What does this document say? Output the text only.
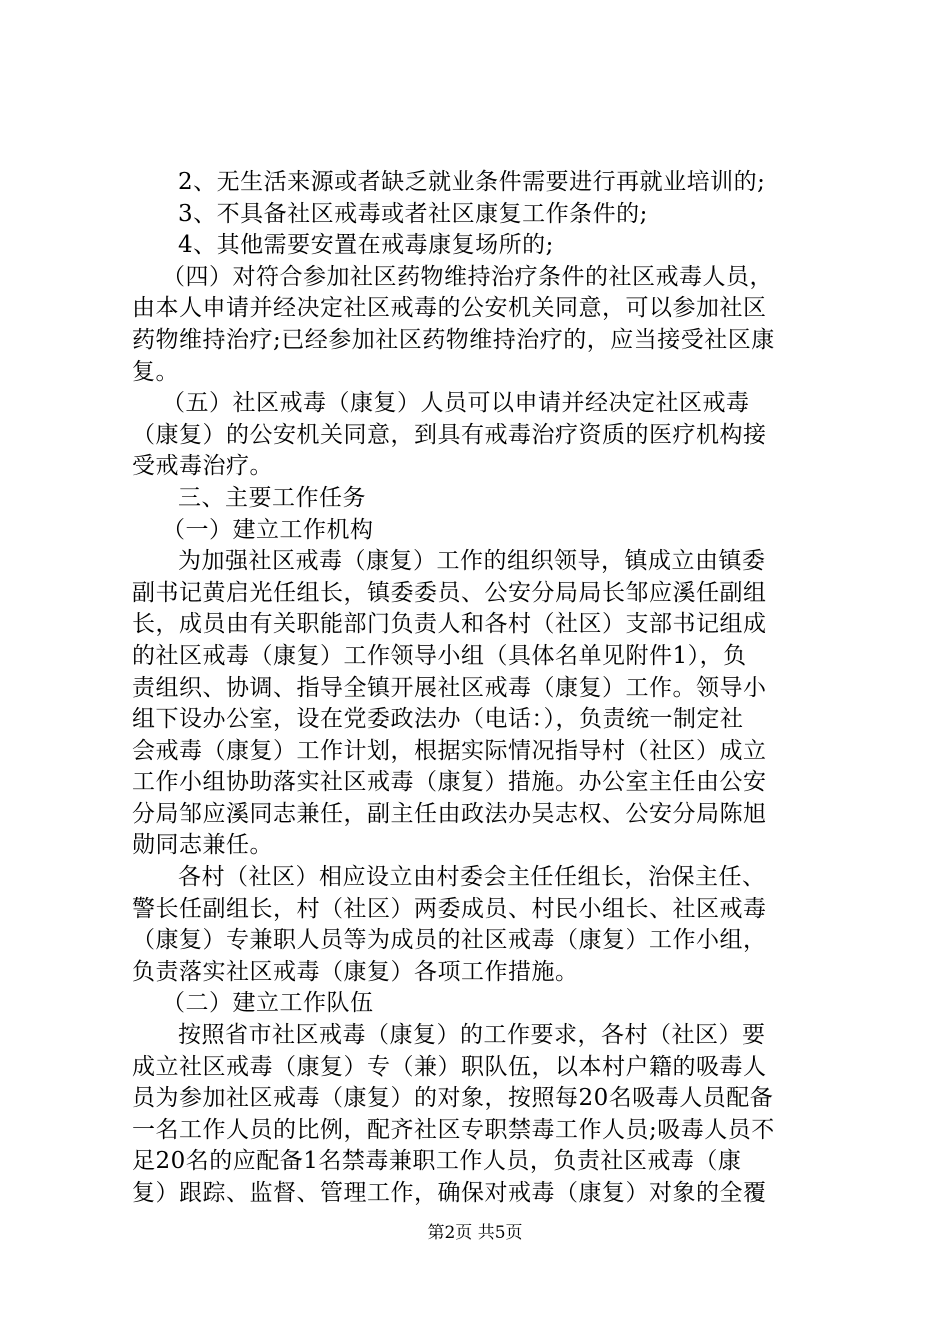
2、无生活来源或者缺乏就业条件需要进行再就业培训的;
3、不具备社区戒毒或者社区康复工作条件的;
4、其他需要安置在戒毒康复场所的;
（四）对符合参加社区药物维持治疗条件的社区戒毒人员，
由本人申请并经决定社区戒毒的公安机关同意，可以参加社区
药物维持治疗;已经参加社区药物维持治疗的，应当接受社区康
复。
（五）社区戒毒（康复）人员可以申请并经决定社区戒毒
（康复）的公安机关同意，到具有戒毒治疗资质的医疗机构接
受戒毒治疗。
三、主要工作任务
（一）建立工作机构
为加强社区戒毒（康复）工作的组织领导，镇成立由镇委
副书记黄启光任组长，镇委委员、公安分局局长邹应溪任副组
长，成员由有关职能部门负责人和各村（社区）支部书记组成
的社区戒毒（康复）工作领导小组（具体名单见附件1），负
责组织、协调、指导全镇开展社区戒毒（康复）工作。领导小
组下设办公室，设在党委政法办（电话：），负责统一制定社
会戒毒（康复）工作计划，根据实际情况指导村（社区）成立
工作小组协助落实社区戒毒（康复）措施。办公室主任由公安
分局邹应溪同志兼任，副主任由政法办吴志权、公安分局陈旭
勋同志兼任。
各村（社区）相应设立由村委会主任任组长，治保主任、
警长任副组长，村（社区）两委成员、村民小组长、社区戒毒
（康复）专兼职人员等为成员的社区戒毒（康复）工作小组，
负责落实社区戒毒（康复）各项工作措施。
（二）建立工作队伍
按照省市社区戒毒（康复）的工作要求，各村（社区）要
成立社区戒毒（康复）专（兼）职队伍，以本村户籍的吸毒人
员为参加社区戒毒（康复）的对象，按照每20名吸毒人员配备
一名工作人员的比例，配齐社区专职禁毒工作人员;吸毒人员不
足20名的应配备1名禁毒兼职工作人员，负责社区戒毒（康
复）跟踪、监督、管理工作，确保对戒毒（康复）对象的全覆
第2页 共5页
